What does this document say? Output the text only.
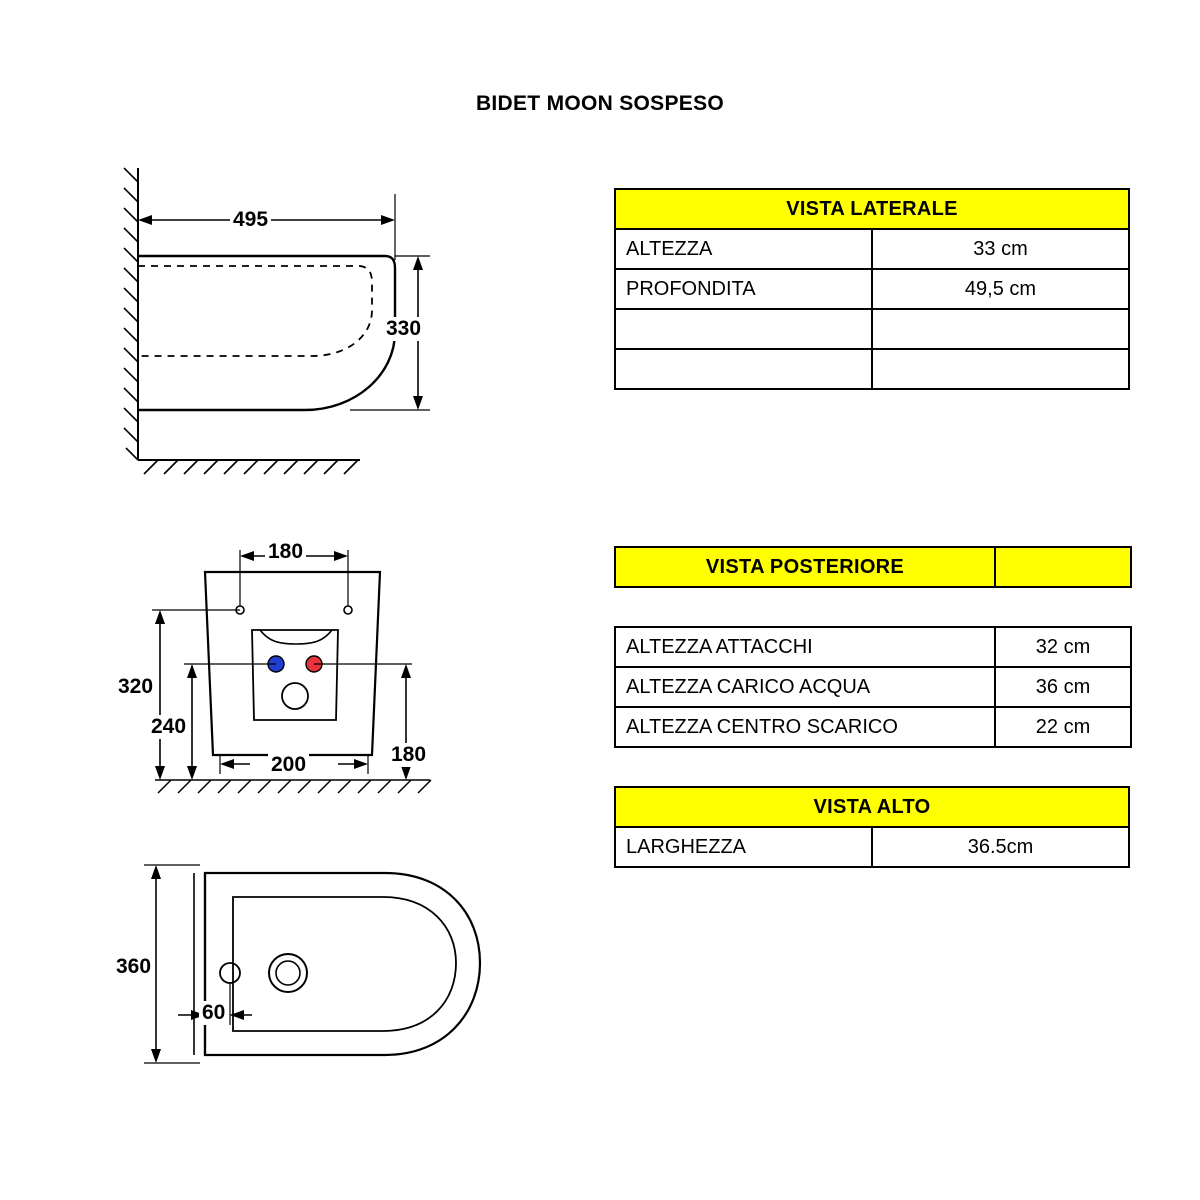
BIDET MOON SOSPESO
495
330
180
320
240
200	180
360
60
VISTA LATERALE	
ALTEZZA	33 cm
PROFONDITA	49,5 cm

VISTA POSTERIORE	
ALTEZZA ATTACCHI	32 cm
ALTEZZA CARICO ACQUA	36 cm
ALTEZZA CENTRO SCARICO	22 cm
VISTA ALTO
LARGHEZZA	36.5cm
